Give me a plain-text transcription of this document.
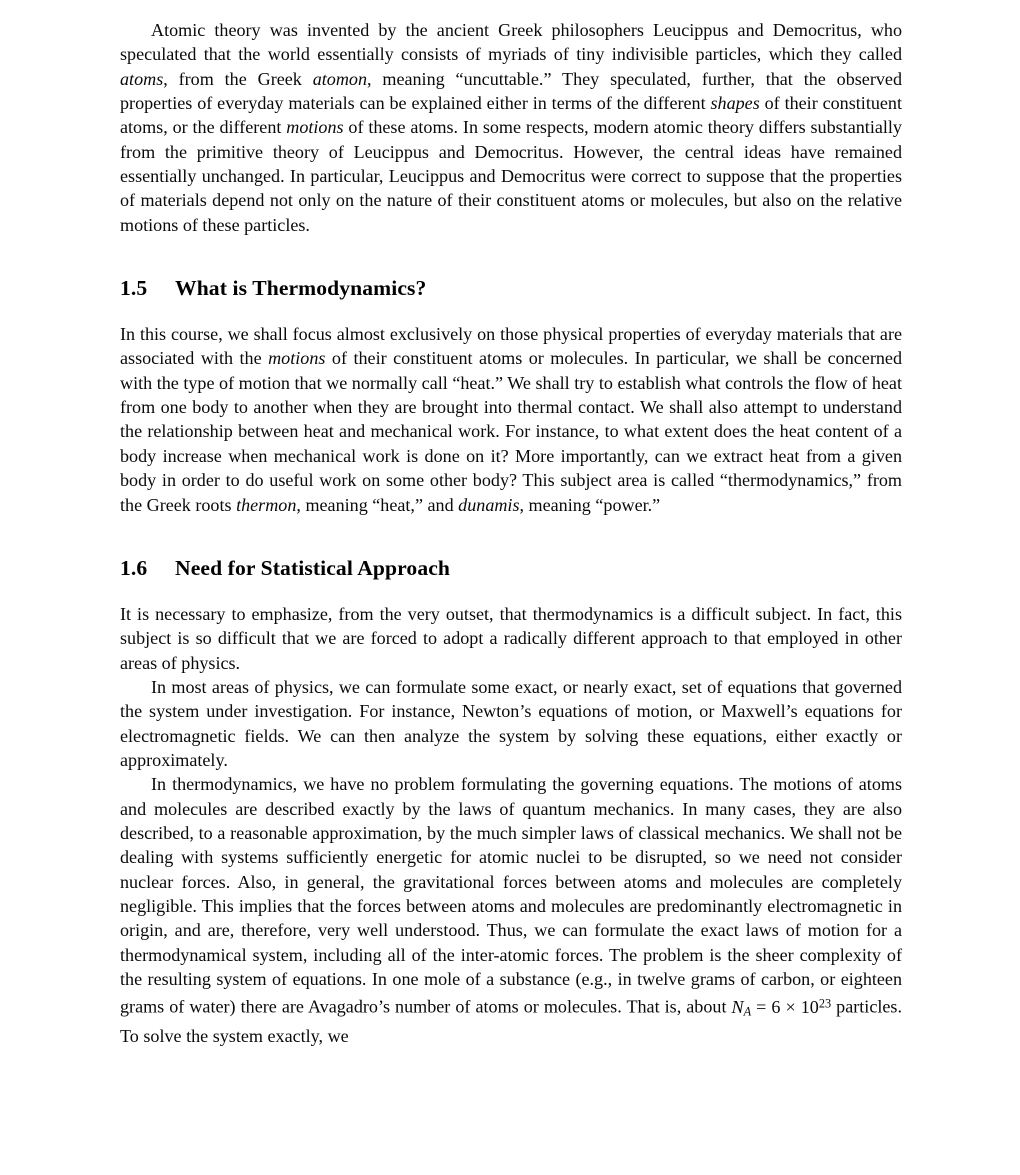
Atomic theory was invented by the ancient Greek philosophers Leucippus and Democritus, who speculated that the world essentially consists of myriads of tiny indivisible particles, which they called atoms, from the Greek atomon, meaning “uncuttable.” They speculated, further, that the observed properties of everyday materials can be explained either in terms of the different shapes of their constituent atoms, or the different motions of these atoms. In some respects, modern atomic theory differs substantially from the primitive theory of Leucippus and Democritus. However, the central ideas have remained essentially unchanged. In particular, Leucippus and Democritus were correct to suppose that the properties of materials depend not only on the nature of their constituent atoms or molecules, but also on the relative motions of these particles.

1.5	What is Thermodynamics?

In this course, we shall focus almost exclusively on those physical properties of everyday materials that are associated with the motions of their constituent atoms or molecules. In particular, we shall be concerned with the type of motion that we normally call “heat.” We shall try to establish what controls the flow of heat from one body to another when they are brought into thermal contact. We shall also attempt to understand the relationship between heat and mechanical work. For instance, to what extent does the heat content of a body increase when mechanical work is done on it? More importantly, can we extract heat from a given body in order to do useful work on some other body? This subject area is called “thermodynamics,” from the Greek roots thermon, meaning “heat,” and dunamis, meaning “power.”

1.6	Need for Statistical Approach

It is necessary to emphasize, from the very outset, that thermodynamics is a difficult subject. In fact, this subject is so difficult that we are forced to adopt a radically different approach to that employed in other areas of physics.

In most areas of physics, we can formulate some exact, or nearly exact, set of equations that governed the system under investigation. For instance, Newton’s equations of motion, or Maxwell’s equations for electromagnetic fields. We can then analyze the system by solving these equations, either exactly or approximately.

In thermodynamics, we have no problem formulating the governing equations. The motions of atoms and molecules are described exactly by the laws of quantum mechanics. In many cases, they are also described, to a reasonable approximation, by the much simpler laws of classical mechanics. We shall not be dealing with systems sufficiently energetic for atomic nuclei to be disrupted, so we need not consider nuclear forces. Also, in general, the gravitational forces between atoms and molecules are completely negligible. This implies that the forces between atoms and molecules are predominantly electromagnetic in origin, and are, therefore, very well understood. Thus, we can formulate the exact laws of motion for a thermodynamical system, including all of the inter-atomic forces. The problem is the sheer complexity of the resulting system of equations. In one mole of a substance (e.g., in twelve grams of carbon, or eighteen grams of water) there are Avagadro’s number of atoms or molecules. That is, about $N_A = 6 \times 10^{23}$ particles. To solve the system exactly, we
